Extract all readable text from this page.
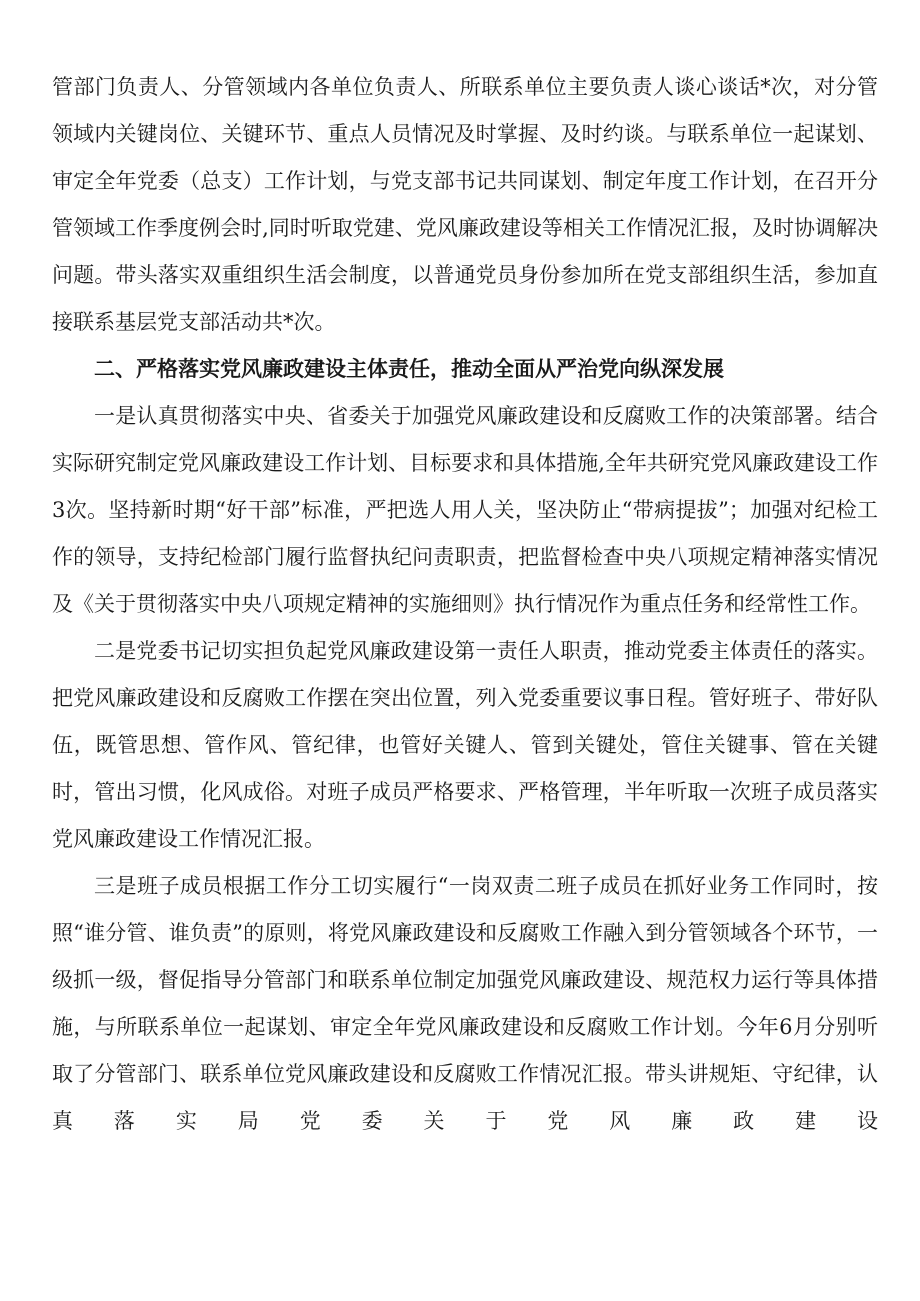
管部门负责人、分管领域内各单位负责人、所联系单位主要负责人谈心谈话*次，对分管领域内关键岗位、关键环节、重点人员情况及时掌握、及时约谈。与联系单位一起谋划、审定全年党委（总支）工作计划，与党支部书记共同谋划、制定年度工作计划，在召开分管领域工作季度例会时,同时听取党建、党风廉政建设等相关工作情况汇报，及时协调解决问题。带头落实双重组织生活会制度，以普通党员身份参加所在党支部组织生活，参加直接联系基层党支部活动共*次。

二、严格落实党风廉政建设主体责任，推动全面从严治党向纵深发展

一是认真贯彻落实中央、省委关于加强党风廉政建设和反腐败工作的决策部署。结合实际研究制定党风廉政建设工作计划、目标要求和具体措施,全年共研究党风廉政建设工作3次。坚持新时期“好干部”标准，严把选人用人关，坚决防止“带病提拔”；加强对纪检工作的领导，支持纪检部门履行监督执纪问责职责，把监督检查中央八项规定精神落实情况及《关于贯彻落实中央八项规定精神的实施细则》执行情况作为重点任务和经常性工作。

二是党委书记切实担负起党风廉政建设第一责任人职责，推动党委主体责任的落实。把党风廉政建设和反腐败工作摆在突出位置，列入党委重要议事日程。管好班子、带好队伍，既管思想、管作风、管纪律，也管好关键人、管到关键处，管住关键事、管在关键时，管出习惯，化风成俗。对班子成员严格要求、严格管理，半年听取一次班子成员落实党风廉政建设工作情况汇报。

三是班子成员根据工作分工切实履行“一岗双责二班子成员在抓好业务工作同时，按照“谁分管、谁负责”的原则，将党风廉政建设和反腐败工作融入到分管领域各个环节，一级抓一级，督促指导分管部门和联系单位制定加强党风廉政建设、规范权力运行等具体措施，与所联系单位一起谋划、审定全年党风廉政建设和反腐败工作计划。今年6月分别听取了分管部门、联系单位党风廉政建设和反腐败工作情况汇报。带头讲规矩、守纪律，认真落实局党委关于党风廉政建设
